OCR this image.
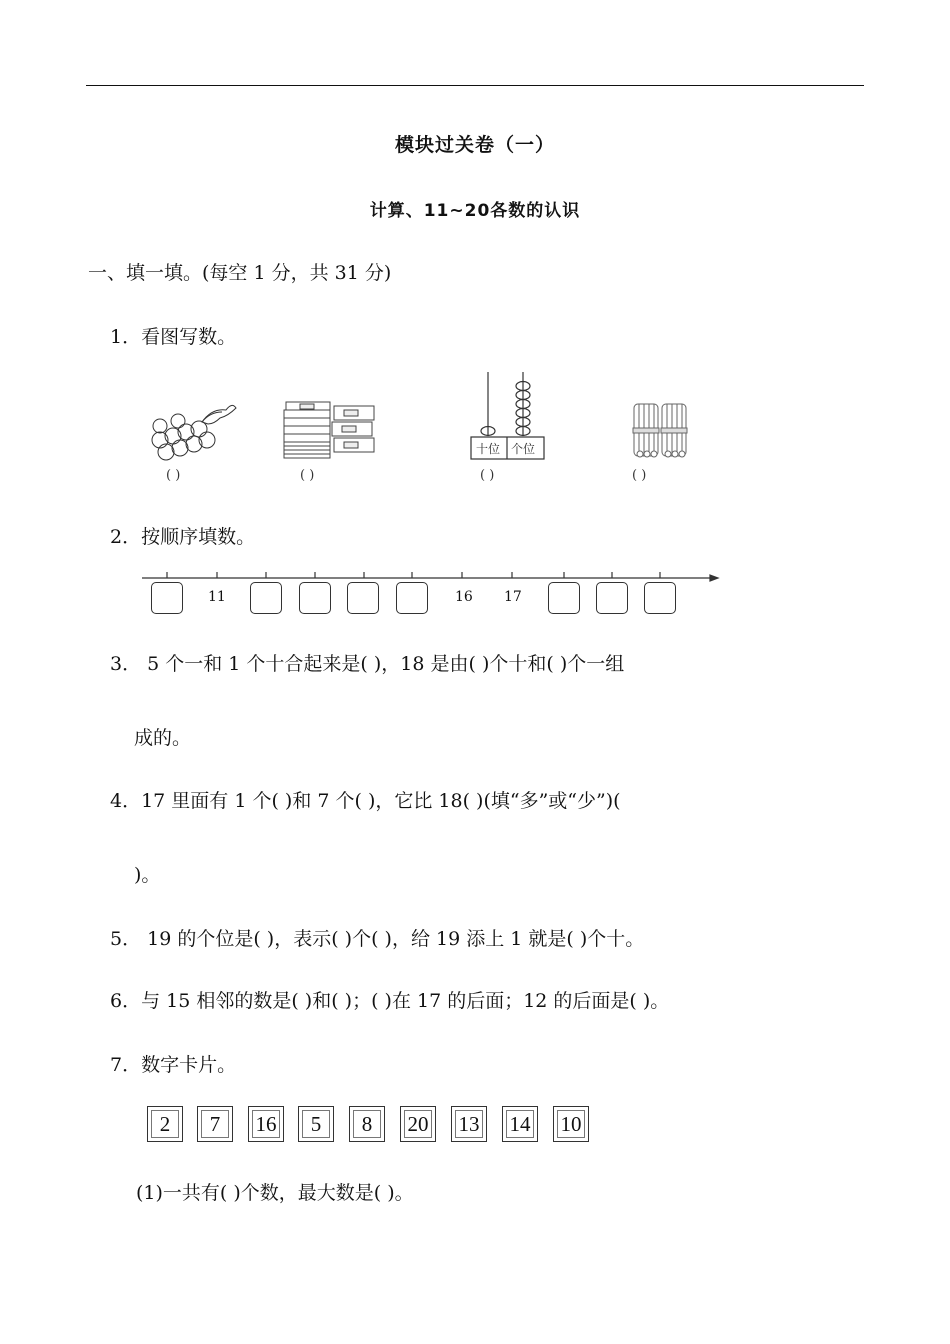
模块过关卷（一）
计算、11~20各数的认识
一、填一填。(每空 1 分，共 31 分)
1．看图写数。
( )	( )
十位 个位
( )	( )
2．按顺序填数。
11	16 17
3． 5 个一和 1 个十合起来是( )，18 是由( )个十和( )个一组
成的。
4．17 里面有 1 个( )和 7 个( )，它比 18( )(填“多”或“少”)(
)。
5． 19 的个位是( )，表示( )个( )，给 19 添上 1 就是( )个十。
6．与 15 相邻的数是( )和( )；( )在 17 的后面；12 的后面是( )。
7．数字卡片。
2	7	16	5	8	20	13	14	10
(1)一共有( )个数，最大数是( )。
